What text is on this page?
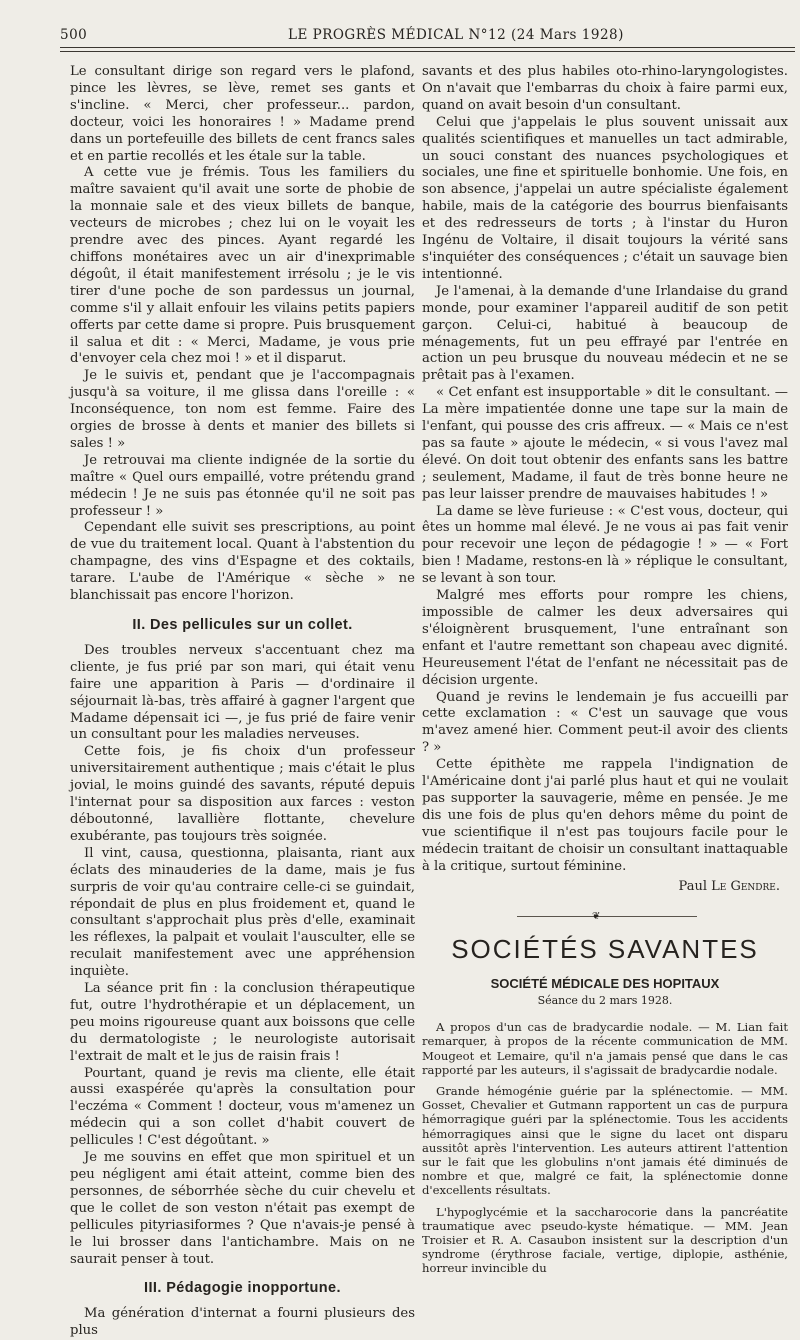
500	LE PROGRÈS MÉDICAL N°12 (24 Mars 1928)

Le consultant dirige son regard vers le plafond, pince les lèvres, se lève, remet ses gants et s'incline. « Merci, cher professeur... pardon, docteur, voici les honoraires ! » Madame prend dans un portefeuille des billets de cent francs sales et en partie recollés et les étale sur la table.

A cette vue je frémis. Tous les familiers du maître savaient qu'il avait une sorte de phobie de la monnaie sale et des vieux billets de banque, vecteurs de microbes ; chez lui on le voyait les prendre avec des pinces. Ayant regardé les chiffons monétaires avec un air d'inexprimable dégoût, il était manifestement irrésolu ; je le vis tirer d'une poche de son pardessus un journal, comme s'il y allait enfouir les vilains petits papiers offerts par cette dame si propre. Puis brusquement il salua et dit : « Merci, Madame, je vous prie d'envoyer cela chez moi ! » et il disparut.

Je le suivis et, pendant que je l'accompagnais jusqu'à sa voiture, il me glissa dans l'oreille : « Inconséquence, ton nom est femme. Faire des orgies de brosse à dents et manier des billets si sales ! »

Je retrouvai ma cliente indignée de la sortie du maître « Quel ours empaillé, votre prétendu grand médecin ! Je ne suis pas étonnée qu'il ne soit pas professeur ! »

Cependant elle suivit ses prescriptions, au point de vue du traitement local. Quant à l'abstention du champagne, des vins d'Espagne et des coktails, tarare. L'aube de l'Amérique « sèche » ne blanchissait pas encore l'horizon.

II. Des pellicules sur un collet.

Des troubles nerveux s'accentuant chez ma cliente, je fus prié par son mari, qui était venu faire une apparition à Paris — d'ordinaire il séjournait là-bas, très affairé à gagner l'argent que Madame dépensait ici —, je fus prié de faire venir un consultant pour les maladies nerveuses.

Cette fois, je fis choix d'un professeur universitairement authentique ; mais c'était le plus jovial, le moins guindé des savants, réputé depuis l'internat pour sa disposition aux farces : veston déboutonné, lavallière flottante, chevelure exubérante, pas toujours très soignée.

Il vint, causa, questionna, plaisanta, riant aux éclats des minauderies de la dame, mais je fus surpris de voir qu'au contraire celle-ci se guindait, répondait de plus en plus froidement et, quand le consultant s'approchait plus près d'elle, examinait les réflexes, la palpait et voulait l'ausculter, elle se reculait manifestement avec une appréhension inquiète.

La séance prit fin : la conclusion thérapeutique fut, outre l'hydrothérapie et un déplacement, un peu moins rigoureuse quant aux boissons que celle du dermatologiste ; le neurologiste autorisait l'extrait de malt et le jus de raisin frais !

Pourtant, quand je revis ma cliente, elle était aussi exaspérée qu'après la consultation pour l'eczéma « Comment ! docteur, vous m'amenez un médecin qui a son collet d'habit couvert de pellicules ! C'est dégoûtant. »

Je me souvins en effet que mon spirituel et un peu négligent ami était atteint, comme bien des personnes, de séborrhée sèche du cuir chevelu et que le collet de son veston n'était pas exempt de pellicules pityriasiformes ? Que n'avais-je pensé à le lui brosser dans l'antichambre. Mais on ne saurait penser à tout.

III. Pédagogie inopportune.

Ma génération d'internat a fourni plusieurs des plus

savants et des plus habiles oto-rhino-laryngologistes. On n'avait que l'embarras du choix à faire parmi eux, quand on avait besoin d'un consultant.

Celui que j'appelais le plus souvent unissait aux qualités scientifiques et manuelles un tact admirable, un souci constant des nuances psychologiques et sociales, une fine et spirituelle bonhomie. Une fois, en son absence, j'appelai un autre spécialiste également habile, mais de la catégorie des bourrus bienfaisants et des redresseurs de torts ; à l'instar du Huron Ingénu de Voltaire, il disait toujours la vérité sans s'inquiéter des conséquences ; c'était un sauvage bien intentionné.

Je l'amenai, à la demande d'une Irlandaise du grand monde, pour examiner l'appareil auditif de son petit garçon. Celui-ci, habitué à beaucoup de ménagements, fut un peu effrayé par l'entrée en action un peu brusque du nouveau médecin et ne se prêtait pas à l'examen.

« Cet enfant est insupportable » dit le consultant. — La mère impatientée donne une tape sur la main de l'enfant, qui pousse des cris affreux. — « Mais ce n'est pas sa faute » ajoute le médecin, « si vous l'avez mal élevé. On doit tout obtenir des enfants sans les battre ; seulement, Madame, il faut de très bonne heure ne pas leur laisser prendre de mauvaises habitudes ! »

La dame se lève furieuse : « C'est vous, docteur, qui êtes un homme mal élevé. Je ne vous ai pas fait venir pour recevoir une leçon de pédagogie ! » — « Fort bien ! Madame, restons-en là » réplique le consultant, se levant à son tour.

Malgré mes efforts pour rompre les chiens, impossible de calmer les deux adversaires qui s'éloignèrent brusquement, l'une entraînant son enfant et l'autre remettant son chapeau avec dignité. Heureusement l'état de l'enfant ne nécessitait pas de décision urgente.

Quand je revins le lendemain je fus accueilli par cette exclamation : « C'est un sauvage que vous m'avez amené hier. Comment peut-il avoir des clients ? »

Cette épithète me rappela l'indignation de l'Américaine dont j'ai parlé plus haut et qui ne voulait pas supporter la sauvagerie, même en pensée. Je me dis une fois de plus qu'en dehors même du point de vue scientifique il n'est pas toujours facile pour le médecin traitant de choisir un consultant inattaquable à la critique, surtout féminine.

Paul Le Gendre.
❦
SOCIÉTÉS SAVANTES
SOCIÉTÉ MÉDICALE DES HOPITAUX
Séance du 2 mars 1928.

A propos d'un cas de bradycardie nodale. — M. Lian fait remarquer, à propos de la récente communication de MM. Mougeot et Lemaire, qu'il n'a jamais pensé que dans le cas rapporté par les auteurs, il s'agissait de bradycardie nodale.

Grande hémogénie guérie par la splénectomie. — MM. Gosset, Chevalier et Gutmann rapportent un cas de purpura hémorragique guéri par la splénectomie. Tous les accidents hémorragiques ainsi que le signe du lacet ont disparu aussitôt après l'intervention. Les auteurs attirent l'attention sur le fait que les globulins n'ont jamais été diminués de nombre et que, malgré ce fait, la splénectomie donne d'excellents résultats.

L'hypoglycémie et la saccharocorie dans la pancréatite traumatique avec pseudo-kyste hématique. — MM. Jean Troisier et R. A. Casaubon insistent sur la description d'un syndrome (érythrose faciale, vertige, diplopie, asthénie, horreur invincible du
